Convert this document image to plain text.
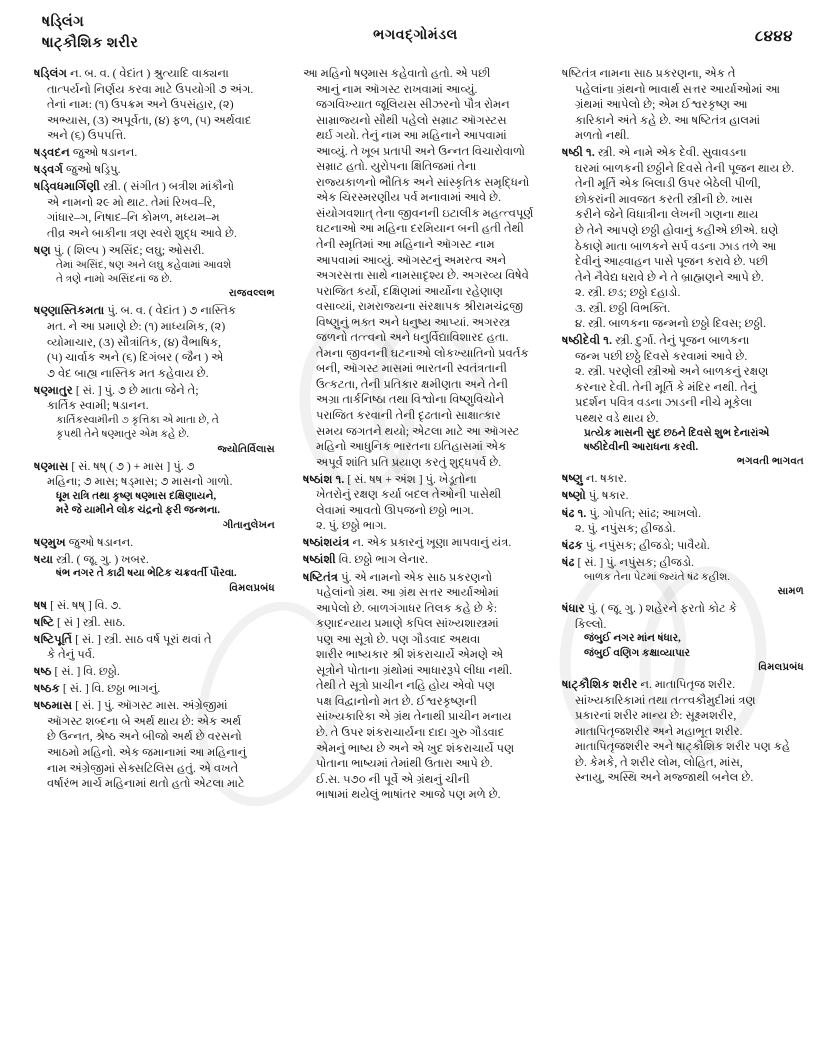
ષડ્લિંગ
ષાટ્કૌશિક શરીર	ભગવદ્ગોમંડલ	૮૪૪૪
ષડ્લિંગ ન. બ. વ. ( વેદાંત ) શ્રુત્યાદિ વાક્યના
તાત્પર્યનો નિર્ણય કરવા માટે ઉપયોગી ૭ અંગ.
તેનાં નામ: (૧) ઉપક્રમ અને ઉપસંહાર, (૨)
અભ્યાસ, (૩) અપૂર્વતા, (૪) ફળ, (૫) અર્થવાદ
અને (૬) ઉપપત્તિ.
ષડ્વદન જુઓ ષડાનન.
ષડ્વર્ગ જુઓ ષડ્રિપુ.
ષડ્વિધમાર્ગિણી સ્ત્રી. ( સંગીત ) બત્રીશ માંકૌનો
એ નામનો ૨૯ મો થાટ. તેમાં રિખવ–રિ,
ગાંધાર–ગ, નિષાદ–નિ કોમળ, મધ્યમ–મ
તીવ્ર અને બાકીના ત્રણ સ્વરો શુદ્ધ આવે છે.
ષણ પું. ( શિલ્પ ) અસિંદ; લઘુ; ઓસરી.
તેમાં અસિંદ, ષણ અને લઘુ કહેવામાં આવશે
તે ત્રણે નામો અસિંદનાં જ છે.
રાજવલ્લભ
ષણ્ણાસ્તિકમતા પું. બ. વ. ( વેદાંત ) ૭ નાસ્તિક
મત. ને આ પ્રમાણે છે: (૧) માધ્યમિક, (૨)
વ્યોમાચાર, (૩) સૌત્રાંતિક, (૪) વૈભાષિક,
(૫) ચાર્વાક અને (૬) દિગંબર ( જૈન ) એ
૭ વેદ બાહ્ય નાસ્તિક મત કહેવાય છે.
ષણ્માતુર [ સં. ] પું. ૭ છે માતા જેને તે;
કાર્તિક સ્વામી; ષડાનન.
કાર્તિકસ્વામીની ૭ કૃત્તિકા એ માતા છે, તે
કૃપથી તેને ષણ્માતુર એમ કહે છે.
જ્યોતિર્વિલાસ
ષણ્માસ [ સં. ષષ્ ( ૭ ) + માસ ] પું. ૭
મહિના; ૭ માસ; ષડ્માસ; ૭ માસનો ગાળો.
ધૂમ રાત્રિ તથા કૃષ્ણ ષણ્માસ દક્ષિણાયને,
મરે જે યામીને લોક ચંદ્રનો ફરી જન્મના.
ગીતાનુલેખન
ષણ્મુખ જુઓ ષડાનન.
ષયા સ્ત્રી. ( જૂ. ગુ. ) ખબર.
ષંભ નગર તે કાઢી ષયા ભેટિક ચક્રવર્તી પૌરવા.
વિમલપ્રબંધ
ષષ [ સં. ષષ્ ] વિ. ૭.
ષષ્ટિ [ સં ] સ્ત્રી. સાઠ.
ષષ્ટિપૂર્તિ [ સં. ] સ્ત્રી. સાઠ વર્ષ પૂરાં થવાં તે
કે તેનું પર્વ.
ષષ્ઠ [ સં. ] વિ. છઠ્ઠો.
ષષ્ઠક [ સં. ] વિ. છઠ્ઠા ભાગનું.
ષષ્ઠમાસ [ સં. ] પું. ઑગસ્ટ માસ. અંગ્રેજીમાં
ઑગસ્ટ શબ્દના બે અર્થ થાય છે: એક અર્થ
છે ઉન્નત, શ્રેષ્ઠ અને બીજો અર્થ છે વરસનો
આઠમો મહિનો. એક જમાનામાં આ મહિનાનું
નામ અંગ્રેજીમાં સેક્સટિલિસ હતું. એ વખતે
વર્ષારંભ માર્ચ મહિનામાં થતો હતો એટલા માટે
આ મહિનો ષણ્માસ કહેવાતો હતો. એ પછી
આનું નામ ઑગસ્ટ રાખવામાં આવ્યું.
જગવિખ્યાત જૂલિયસ સીઝરનો પૌત્ર રોમન
સામ્રાજ્યનો સૌથી પહેલો સમ્રાટ ઑગસ્ટસ
થર્ઇ ગયો. તેનું નામ આ મહિનાને આપવામાં
આવ્યું. તે ખૂબ પ્રતાપી અને ઉન્નત વિચારોવાળો
સમ્રાટ હતો. યુરોપના ક્ષિતિજમાં તેના
રાજ્યકાળનો ભૌતિક અને સાંસ્કૃતિક સમૃદ્ધિનો
એક ચિરસ્મરણીય પર્વ મનાવામાં આવે છે.
સંયોગવશાત્ તેના જીવનની ઇટાલીક મહત્ત્વપૂર્ણ
ઘટનાઓ આ મહિના દરમિયાન બની હતી તેથી
તેની સ્મૃતિમાં આ મહિનાને ઑગસ્ટ નામ
આપવામાં આવ્યું. ઑગસ્ટનું અમરત્વ અને
અગરસત્તા સાથે નામસાદૃશ્ય છે. અગરવ્ય વિષેવે
પરાજિત કર્યો, દક્ષિણમાં આર્યોના રહેણાણ
વસાવ્યાં, રામરાજ્યના સંરક્ષાપક શ્રીરામચંદ્રજી
વિષ્ણુનું ભક્ત અને ધનુષ્ય આપ્યાં. અગરસ્ત્ર
જળનો તત્ત્વનો અને ધનુર્વિદ્યાવિશારદ હતા.
તેમના જીવનની ઘટનાઓ લોકખ્યાતિનો પ્રવર્તક
બની, ઑગસ્ટ માસમાં ભારતની સ્વતંત્રતાની
ઉત્કટતા, તેની પ્રતિકાર ક્ષમીણતા અને તેની
અગ્રા તાર્કનિષ્ઠા તથા વિશ્વોના વિષ્ણુવિચોને
પરાજિત કરવાની તેની દૃઢતાનો સાક્ષાત્કાર
સમય જગતને થયો; એટલા માટે આ ઑગસ્ટ
મહિનો આધુનિક ભારતના ઇતિહાસમાં એક
અપૂર્વ શાંતિ પ્રતિ પ્રયાણ કરતું શુદ્ધપર્વ છે.
ષષ્ઠાંશ ૧. [ સં. ષષ + અંશ ] પું. ખેડૂતોના
ખેતરોનું રક્ષણ કર્યા બદલ તેઓની પાસેથી
લેવામાં આવતો ઊપજનો છઠ્ઠો ભાગ.
૨. પું. છઠ્ઠો ભાગ.
ષષ્ઠાંશયંત્ર ન. એક પ્રકારનું ખૂણા માપવાનું યંત્ર.
ષષ્ઠાંશી વિ. છઠ્ઠો ભાગ લેનાર.
ષષ્ટિતંત્ર પું. એ નામનો એક સાઠ પ્રકરણનો
પહેલાંનો ગ્રંથ. આ ગ્રંથ સત્તર આર્યાઓમાં
આપેલો છે. બાળગંગાધર તિલક કહે છે કે:
કણાદન્યાય પ્રમાણે કપિલ સાંખ્યશાસ્ત્રમાં
પણ આ સૂત્રો છે. પણ ગૌડવાદ અથવા
શારીર ભાષ્યકાર શ્રી શંકરાચાર્યે એમણે એ
સૂત્રોને પોતાના ગ્રંથોમાં આધારરૂપે લીધા નથી.
તેથી તે સૂત્રો પ્રાચીન નહિ હોય એવો પણ
પક્ષ વિદ્વાનોનો મત છે. ઈશ્વરકૃષ્ણની
સાંખ્યકારિકા એ ગ્રંથ તેનાથી પ્રાચીન મનાય
છે. તે ઉપર શંકરાચાર્યના દાદા ગુરુ ગૌડવાદ
એમનું ભાષ્ય છે અને એ ખુદ શંકરાચાર્યે પણ
પોતાના ભાષ્યમાં તેમાંથી ઉતારા આપે છે.
ઈ.સ. ૫૭૦ ની પૂર્વે એ ગ્રંથનું ચીની
ભાષામાં થયેલું ભાષાંતર આજે પણ મળે છે.
ષષ્ટિતંત્ર નામના સાઠ પ્રકરણના, એક તે
પહેલાંના ગ્રંથનો ભાવાર્થ સત્તર આર્યાઓમાં આ
ગ્રંથમાં આપેલો છે; એમ ઈશ્વરકૃષ્ણ આ
કારિકાને અંતે કહે છે. આ ષષ્ટિતંત્ર હાલમાં
મળતો નથી.
ષષ્ઠી ૧. સ્ત્રી. એ નામે એક દેવી. સુવાવડના
ઘરમાં બાળકની છઠ્ઠીને દિવસે તેની પૂજન થાય છે.
તેની મૂર્તિ એક બિલાડી ઉપર બેઠેલી પીળી,
છોકરાંની માવજત કરતી સ્ત્રીની છે. ખાસ
કરીને જેને વિધાત્રીના લેખની ગણના થાય
છે તેને આપણે છઠ્ઠી હોવાનું કહીએ છીએ. ઘણે
ઠેકાણે માતા બાળકને સર્પ વડના ઝાડ તળે આ
દેવીનું આહ્વાહન પાસે પૂજન કરાવે છે. પછી
તેને નૈવેદ્ય ધરાવે છે ને તે બ્રાહ્મણને આપે છે.
૨. સ્ત્રી. છડ; છઠ્ઠો દહાડો.
૩. સ્ત્રી. છઠ્ઠી વિભક્તિ.
૪. સ્ત્રી. બાળકના જન્મનો છઠ્ઠો દિવસ; છઠ્ઠી.
ષષ્ઠીદેવી ૧. સ્ત્રી. દુર્ગા. તેનું પૂજન બાળકના
જન્મ પછી છઠ્ઠે દિવસે કરવામાં આવે છે.
૨. સ્ત્રી. પરણેલી સ્ત્રીઓ અને બાળકનું રક્ષણ
કરનાર દેવી. તેની મૂર્તિ કે મંદિર નથી. તેનું
પ્રદર્શન પવિત્ર વડના ઝાડની નીચે મૂકેલા
પથ્થર વડે થાય છે.
પ્રત્યેક માસની સુદ છઠને દિવસે શુભ દેનારાંએ
ષષ્ઠીદેવીની આરાધના કરવી.
ભગવતી ભાગવત
ષષ્ણુ ન. ષકાર.
ષષ્ણો પું. ષકાર.
ષંઢ ૧. પું. ગોપતિ; સાંઢ; આખલો.
૨. પું. નપુંસક; હીજડો.
ષંઢક પું. નપુંસક; હીજડો; પાવૈયો.
ષંઢ [ સં. ] પું. નપુંસક; હીજડો.
બાળક તેના પેટમાં જ્યંતે ષંઢ કહીશ.
સામળ
ષંધાર પું. ( જૂ. ગુ. ) શહેરને ફરતો કોટ કે
કિલ્લો.
જંબુઈ નગર માંન ષંધાર,
જંબુઈ વણિગ કક્ષાવ્યાપાર
વિમલપ્રબંધ
ષાટ્કૌશિક શરીર ન. માતાપિતૃજ શરીર.
સાંખ્યકારિકામાં તથા તત્ત્વકૌમુદીમાં ત્રણ
પ્રકારનાં શરીર માન્ય છે: સૂક્ષ્મશરીર,
માતાપિતૃજશરીર અને મહાભૂત શરીર.
માતાપિતૃજશરીર અને ષાટ્કૌશિક શરીર પણ કહે
છે. કેમકે, તે શરીર લોમ, લોહિત, માંસ,
સ્નાયુ, અસ્થિ અને મજ્જાથી બનેલ છે.
